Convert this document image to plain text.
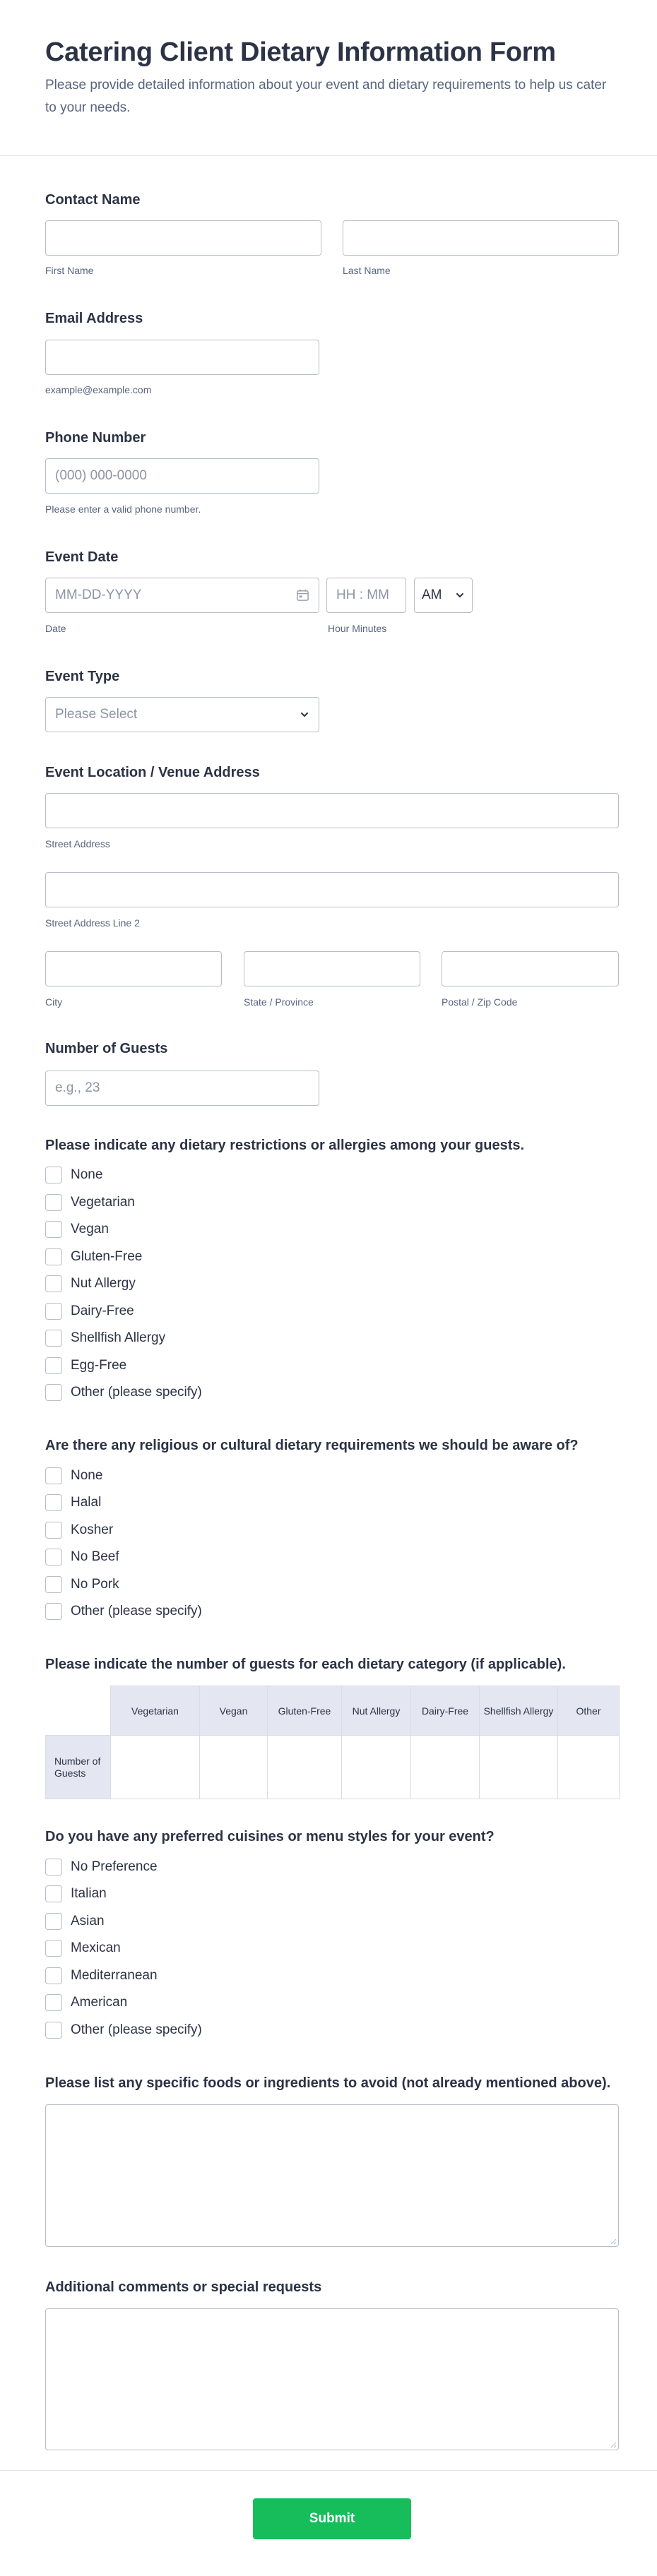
Catering Client Dietary Information Form

Please provide detailed information about your event and dietary requirements to help us cater to your needs.

Contact Name
First Name	Last Name
Email Address
example@example.com
Phone Number
(000) 000-0000
Please enter a valid phone number.
Event Date
MM-DD-YYYY
HH : MM
AM
Date	Hour Minutes
Event Type
Please Select
Event Location / Venue Address
Street Address
Street Address Line 2
City	State / Province	Postal / Zip Code
Number of Guests
e.g., 23
Please indicate any dietary restrictions or allergies among your guests.
None
Vegetarian
Vegan
Gluten-Free
Nut Allergy
Dairy-Free
Shellfish Allergy
Egg-Free
Other (please specify)
Are there any religious or cultural dietary requirements we should be aware of?
None
Halal
Kosher
No Beef
No Pork
Other (please specify)
Please indicate the number of guests for each dietary category (if applicable).
	Vegetarian	Vegan	Gluten-Free	Nut Allergy	Dairy-Free	Shellfish Allergy	Other
Number of Guests							
Do you have any preferred cuisines or menu styles for your event?
No Preference
Italian
Asian
Mexican
Mediterranean
American
Other (please specify)
Please list any specific foods or ingredients to avoid (not already mentioned above).
Additional comments or special requests
Submit
